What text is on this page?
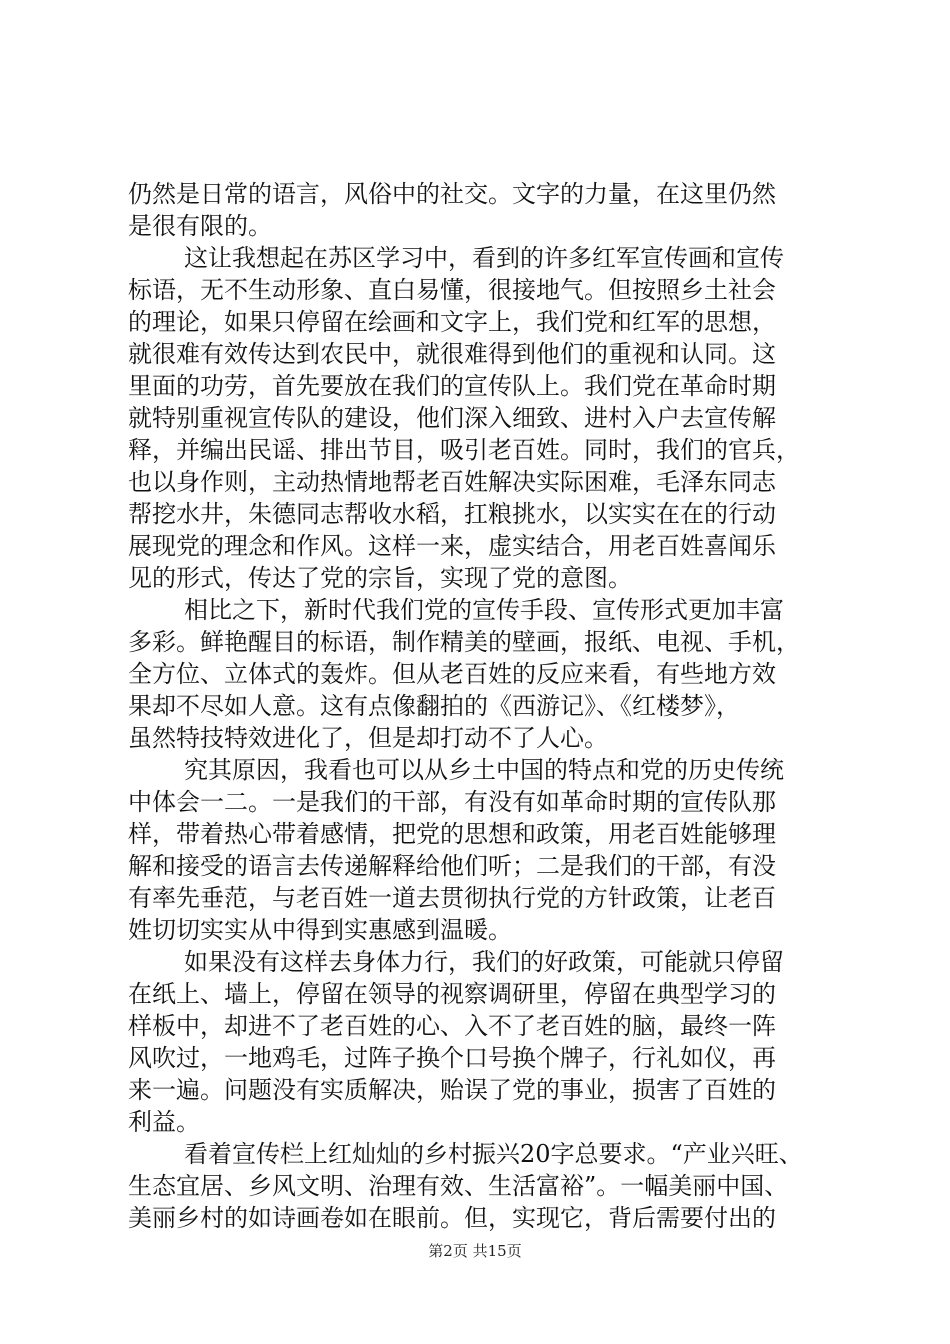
仍然是日常的语言，风俗中的社交。文字的力量，在这里仍然
是很有限的。
这让我想起在苏区学习中，看到的许多红军宣传画和宣传
标语，无不生动形象、直白易懂，很接地气。但按照乡土社会
的理论，如果只停留在绘画和文字上，我们党和红军的思想，
就很难有效传达到农民中，就很难得到他们的重视和认同。这
里面的功劳，首先要放在我们的宣传队上。我们党在革命时期
就特别重视宣传队的建设，他们深入细致、进村入户去宣传解
释，并编出民谣、排出节目，吸引老百姓。同时，我们的官兵，
也以身作则，主动热情地帮老百姓解决实际困难，毛泽东同志
帮挖水井，朱德同志帮收水稻，扛粮挑水，以实实在在的行动
展现党的理念和作风。这样一来，虚实结合，用老百姓喜闻乐
见的形式，传达了党的宗旨，实现了党的意图。
相比之下，新时代我们党的宣传手段、宣传形式更加丰富
多彩。鲜艳醒目的标语，制作精美的壁画，报纸、电视、手机，
全方位、立体式的轰炸。但从老百姓的反应来看，有些地方效
果却不尽如人意。这有点像翻拍的《西游记》、《红楼梦》，
虽然特技特效进化了，但是却打动不了人心。
究其原因，我看也可以从乡土中国的特点和党的历史传统
中体会一二。一是我们的干部，有没有如革命时期的宣传队那
样，带着热心带着感情，把党的思想和政策，用老百姓能够理
解和接受的语言去传递解释给他们听；二是我们的干部，有没
有率先垂范，与老百姓一道去贯彻执行党的方针政策，让老百
姓切切实实从中得到实惠感到温暖。
如果没有这样去身体力行，我们的好政策，可能就只停留
在纸上、墙上，停留在领导的视察调研里，停留在典型学习的
样板中，却进不了老百姓的心、入不了老百姓的脑，最终一阵
风吹过，一地鸡毛，过阵子换个口号换个牌子，行礼如仪，再
来一遍。问题没有实质解决，贻误了党的事业，损害了百姓的
利益。
看着宣传栏上红灿灿的乡村振兴20字总要求。“产业兴旺、
生态宜居、乡风文明、治理有效、生活富裕”。一幅美丽中国、
美丽乡村的如诗画卷如在眼前。但，实现它，背后需要付出的
第2页 共15页
